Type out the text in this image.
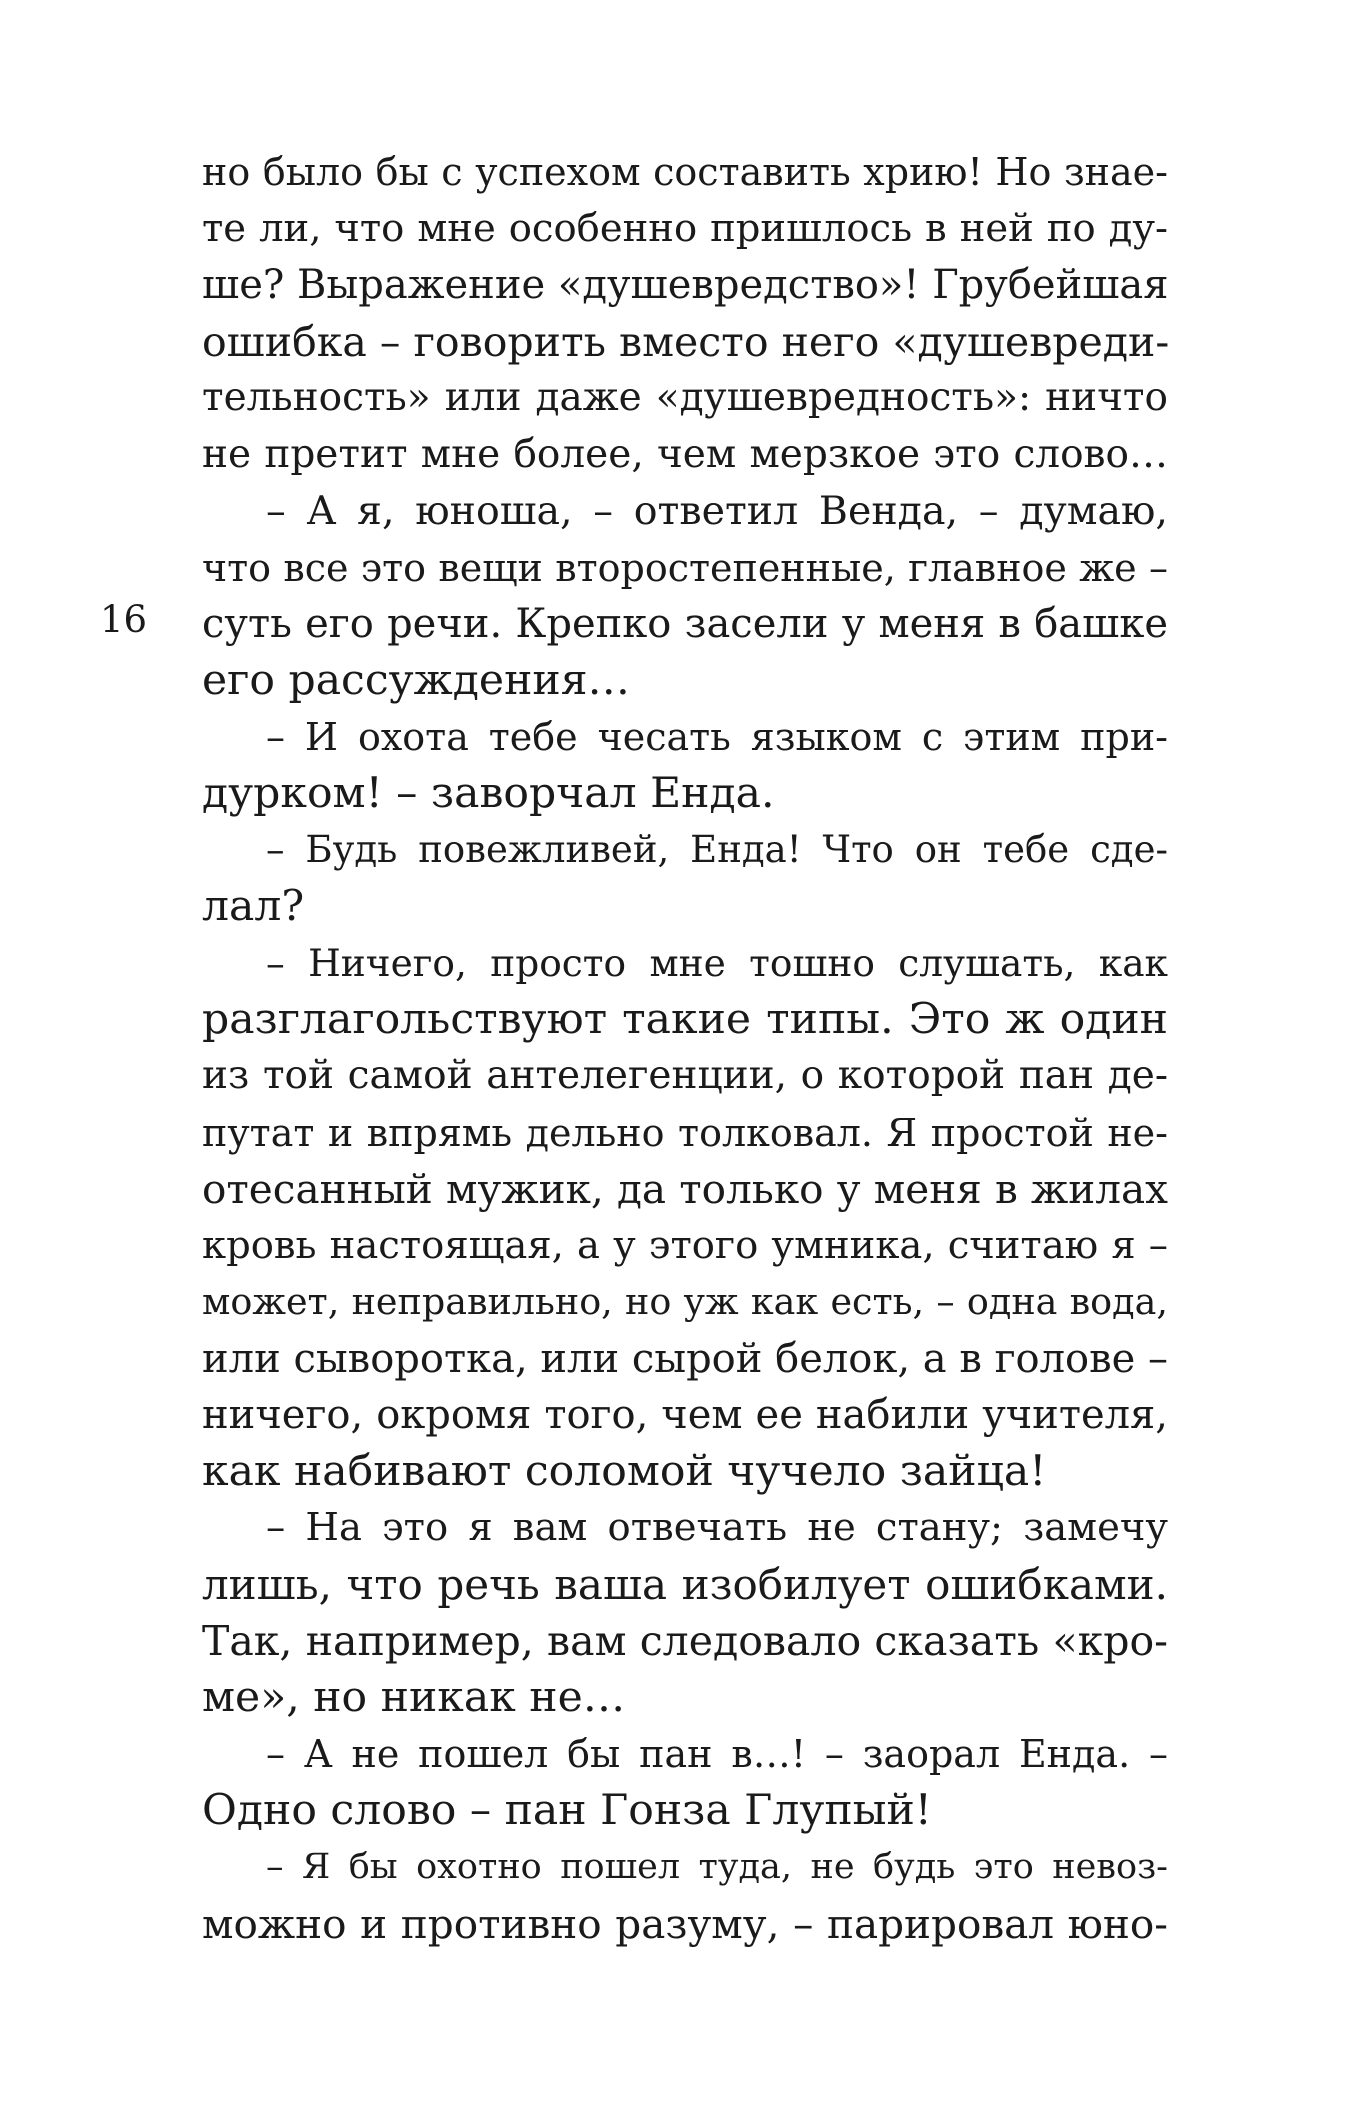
16
но было бы с успехом составить хрию! Но знае-
те ли, что мне особенно пришлось в ней по ду-
ше? Выражение «душевредство»! Грубейшая
ошибка – говорить вместо него «душевреди-
тельность» или даже «душевредность»: ничто
не претит мне более, чем мерзкое это слово…
– А я, юноша, – ответил Венда, – думаю,
что все это вещи второстепенные, главное же –
суть его речи. Крепко засели у меня в башке
его рассуждения…
– И охота тебе чесать языком с этим при-
дурком! – заворчал Енда.
– Будь повежливей, Енда! Что он тебе сде-
лал?
– Ничего, просто мне тошно слушать, как
разглагольствуют такие типы. Это ж один
из той самой антелегенции, о которой пан де-
путат и впрямь дельно толковал. Я простой не-
отесанный мужик, да только у меня в жилах
кровь настоящая, а у этого умника, считаю я –
может, неправильно, но уж как есть, – одна вода,
или сыворотка, или сырой белок, а в голове –
ничего, окромя того, чем ее набили учителя,
как набивают соломой чучело зайца!
– На это я вам отвечать не стану; замечу
лишь, что речь ваша изобилует ошибками.
Так, например, вам следовало сказать «кро-
ме», но никак не…
– А не пошел бы пан в…! – заорал Енда. –
Одно слово – пан Гонза Глупый!
– Я бы охотно пошел туда, не будь это невоз-
можно и противно разуму, – парировал юно-
